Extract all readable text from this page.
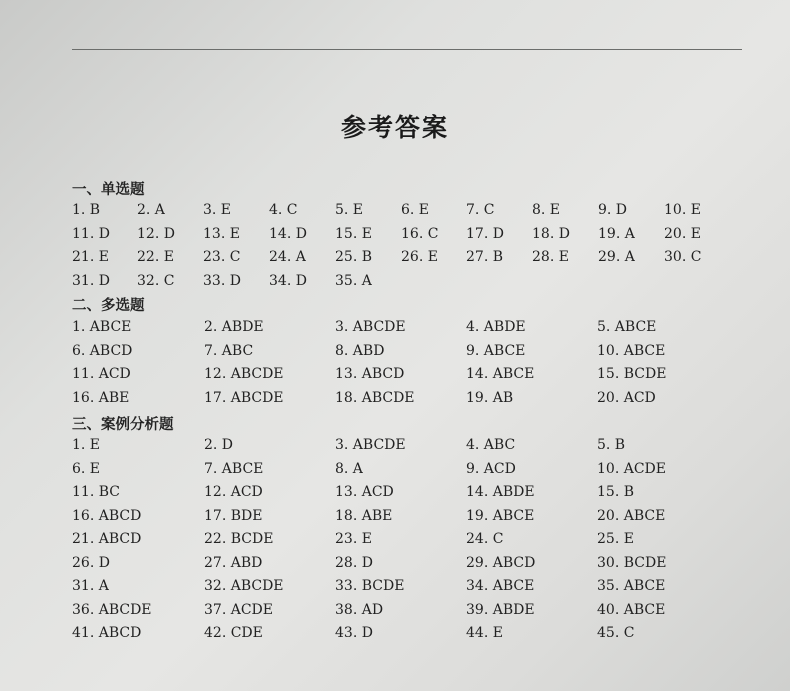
参考答案
一、单选题
1. B	2. A	3. E	4. C	5. E	6. E	7. C	8. E	9. D	10. E
11. D 12. D 13. E 14. D 15. E 16. C 17. D 18. D 19. A 20. E
21. E 22. E 23. C 24. A 25. B 26. E 27. B 28. E 29. A 30. C
31. D 32. C 33. D 34. D 35. A
二、多选题
1. ABCE	2. ABDE	3. ABCDE	4. ABDE	5. ABCE
6. ABCD	7. ABC	8. ABD	9. ABCE	10. ABCE
11. ACD	12. ABCDE	13. ABCD	14. ABCE	15. BCDE
16. ABE	17. ABCDE	18. ABCDE	19. AB	20. ACD
三、案例分析题
1. E	2. D	3. ABCDE	4. ABC	5. B
6. E	7. ABCE	8. A	9. ACD	10. ACDE
11. BC	12. ACD	13. ACD	14. ABDE	15. B
16. ABCD	17. BDE	18. ABE	19. ABCE	20. ABCE
21. ABCD	22. BCDE	23. E	24. C	25. E
26. D	27. ABD	28. D	29. ABCD	30. BCDE
31. A	32. ABCDE	33. BCDE	34. ABCE	35. ABCE
36. ABCDE	37. ACDE	38. AD	39. ABDE	40. ABCE
41. ABCD	42. CDE	43. D	44. E	45. C
